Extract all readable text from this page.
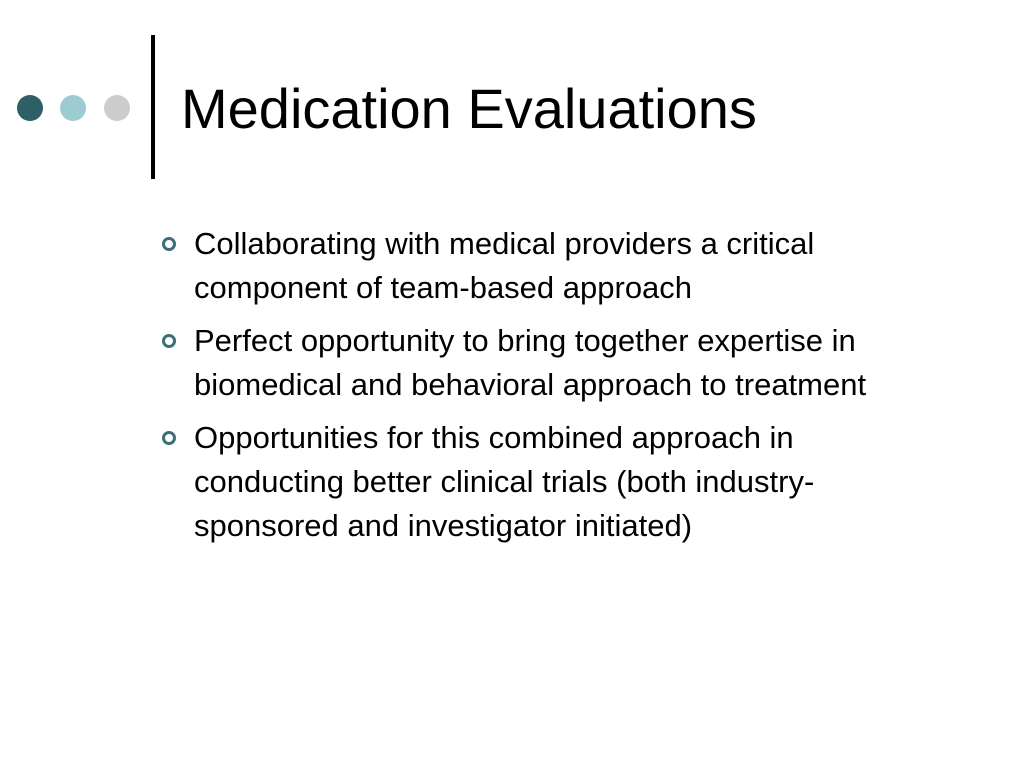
Medication Evaluations
Collaborating with medical providers a critical component of team-based approach
Perfect opportunity to bring together expertise in biomedical and behavioral approach to treatment
Opportunities for this combined approach in conducting better clinical trials (both industry-sponsored and investigator initiated)
